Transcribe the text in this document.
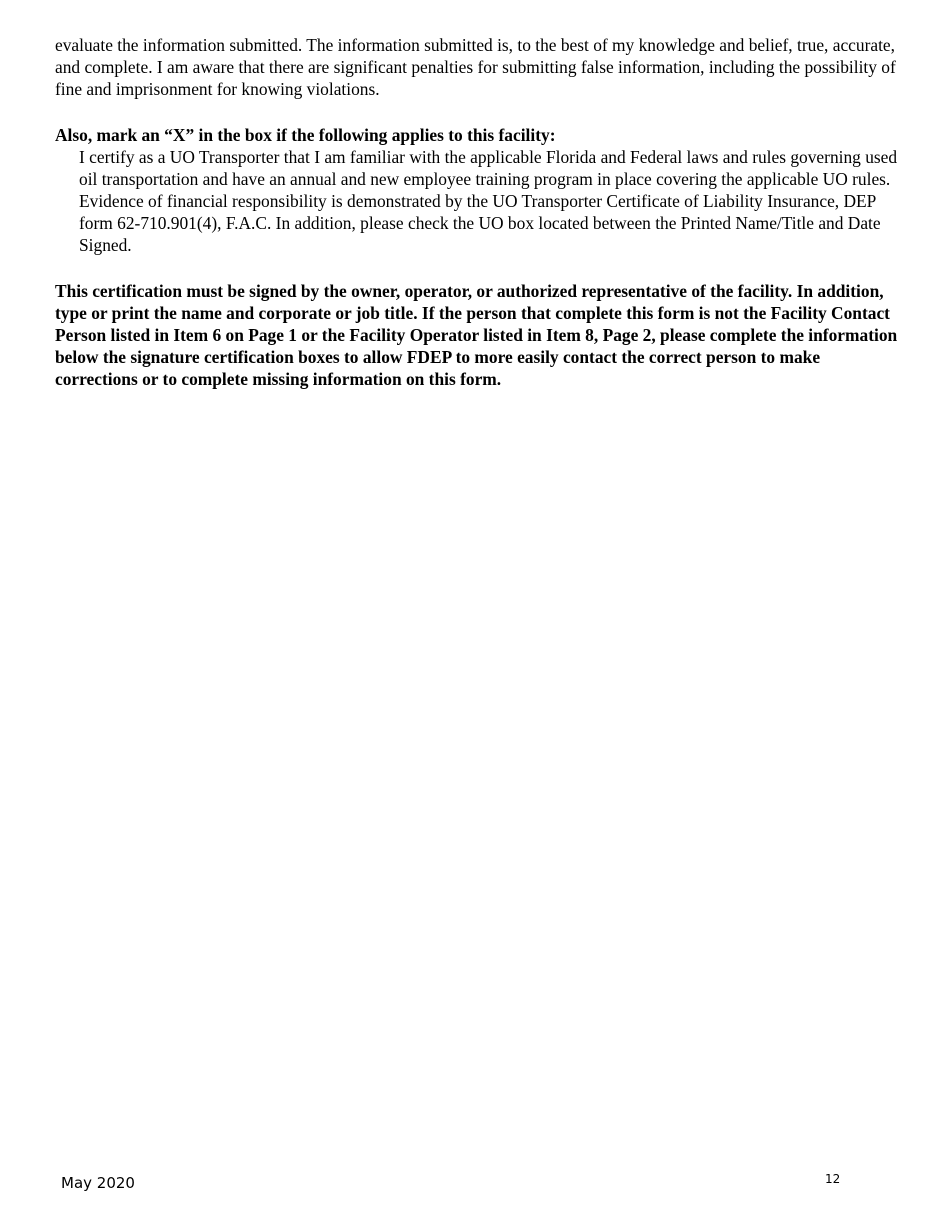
evaluate the information submitted. The information submitted is, to the best of my knowledge and belief, true, accurate, and complete. I am aware that there are significant penalties for submitting false information, including the possibility of fine and imprisonment for knowing violations.
Also, mark an “X” in the box if the following applies to this facility:
I certify as a UO Transporter that I am familiar with the applicable Florida and Federal laws and rules governing used oil transportation and have an annual and new employee training program in place covering the applicable UO rules. Evidence of financial responsibility is demonstrated by the UO Transporter Certificate of Liability Insurance, DEP form 62-710.901(4), F.A.C. In addition, please check the UO box located between the Printed Name/Title and Date Signed.
This certification must be signed by the owner, operator, or authorized representative of the facility. In addition, type or print the name and corporate or job title. If the person that complete this form is not the Facility Contact Person listed in Item 6 on Page 1 or the Facility Operator listed in Item 8, Page 2, please complete the information below the signature certification boxes to allow FDEP to more easily contact the correct person to make corrections or to complete missing information on this form.
May 2020	12
